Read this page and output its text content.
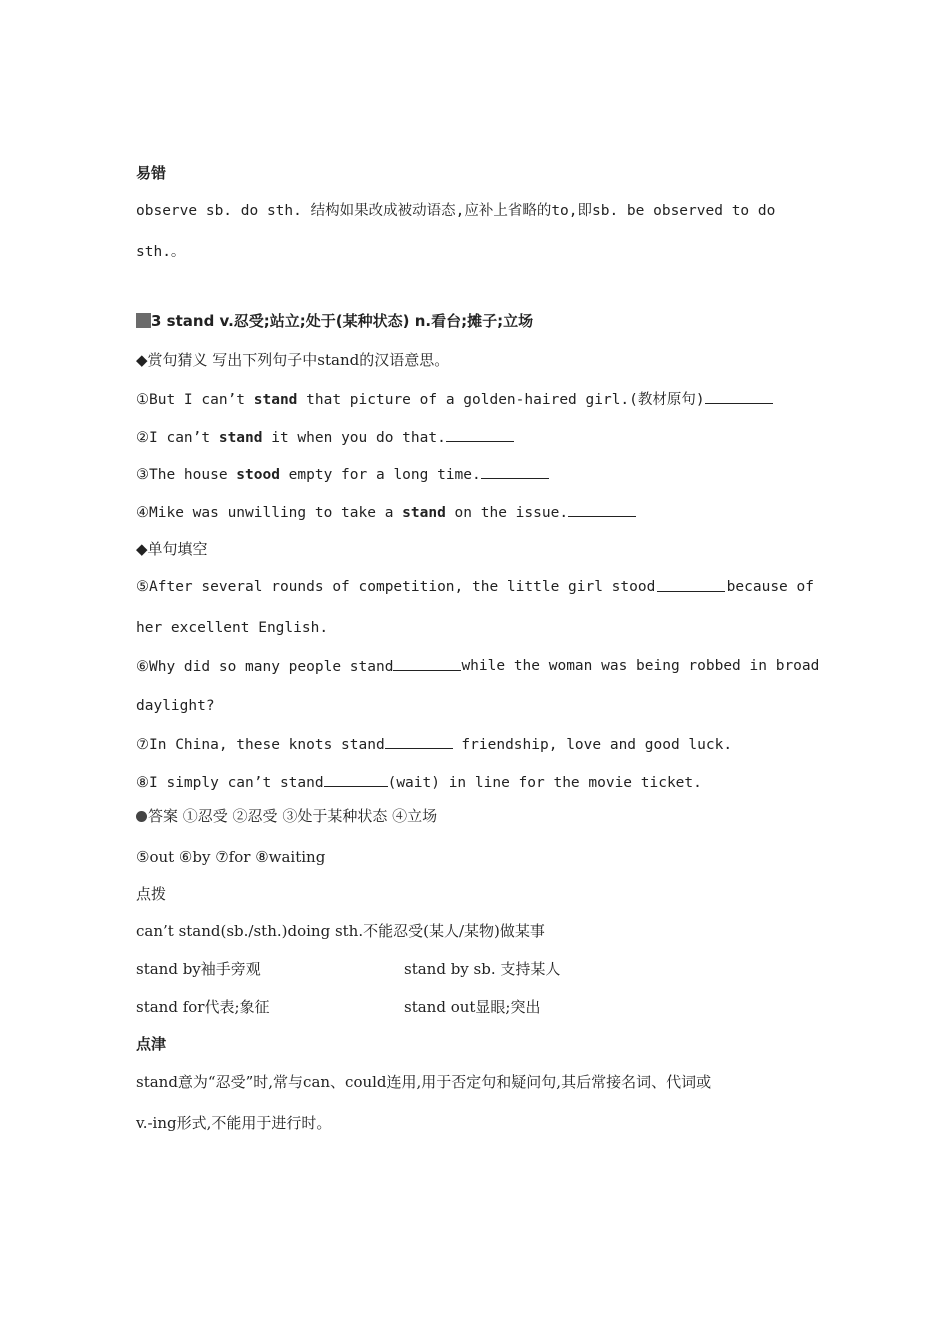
易错
observe sb. do sth. 结构如果改成被动语态,应补上省略的to,即sb. be observed to do
sth.。
3 stand v.忍受;站立;处于(某种状态) n.看台;摊子;立场
◆赏句猜义 写出下列句子中stand的汉语意思。
①But I can’t stand that picture of a golden-haired girl.(教材原句)
②I can’t stand it when you do that.
③The house stood empty for a long time.
④Mike was unwilling to take a stand on the issue.
◆单句填空
⑤After several rounds of competition, the little girl stood	because of
her excellent English.
⑥Why did so many people stand	while the woman was being robbed in broad
daylight?
⑦In China, these knots stand	friendship, love and good luck.
⑧I simply can’t stand	(wait) in line for the movie ticket.
答案 ①忍受 ②忍受 ③处于某种状态 ④立场
⑤out ⑥by ⑦for ⑧waiting
点拨
can’t stand(sb./sth.)doing sth.不能忍受(某人/某物)做某事
stand by袖手旁观	stand by sb. 支持某人
stand for代表;象征	stand out显眼;突出
点津
stand意为“忍受”时,常与can、could连用,用于否定句和疑问句,其后常接名词、代词或
v.-ing形式,不能用于进行时。
